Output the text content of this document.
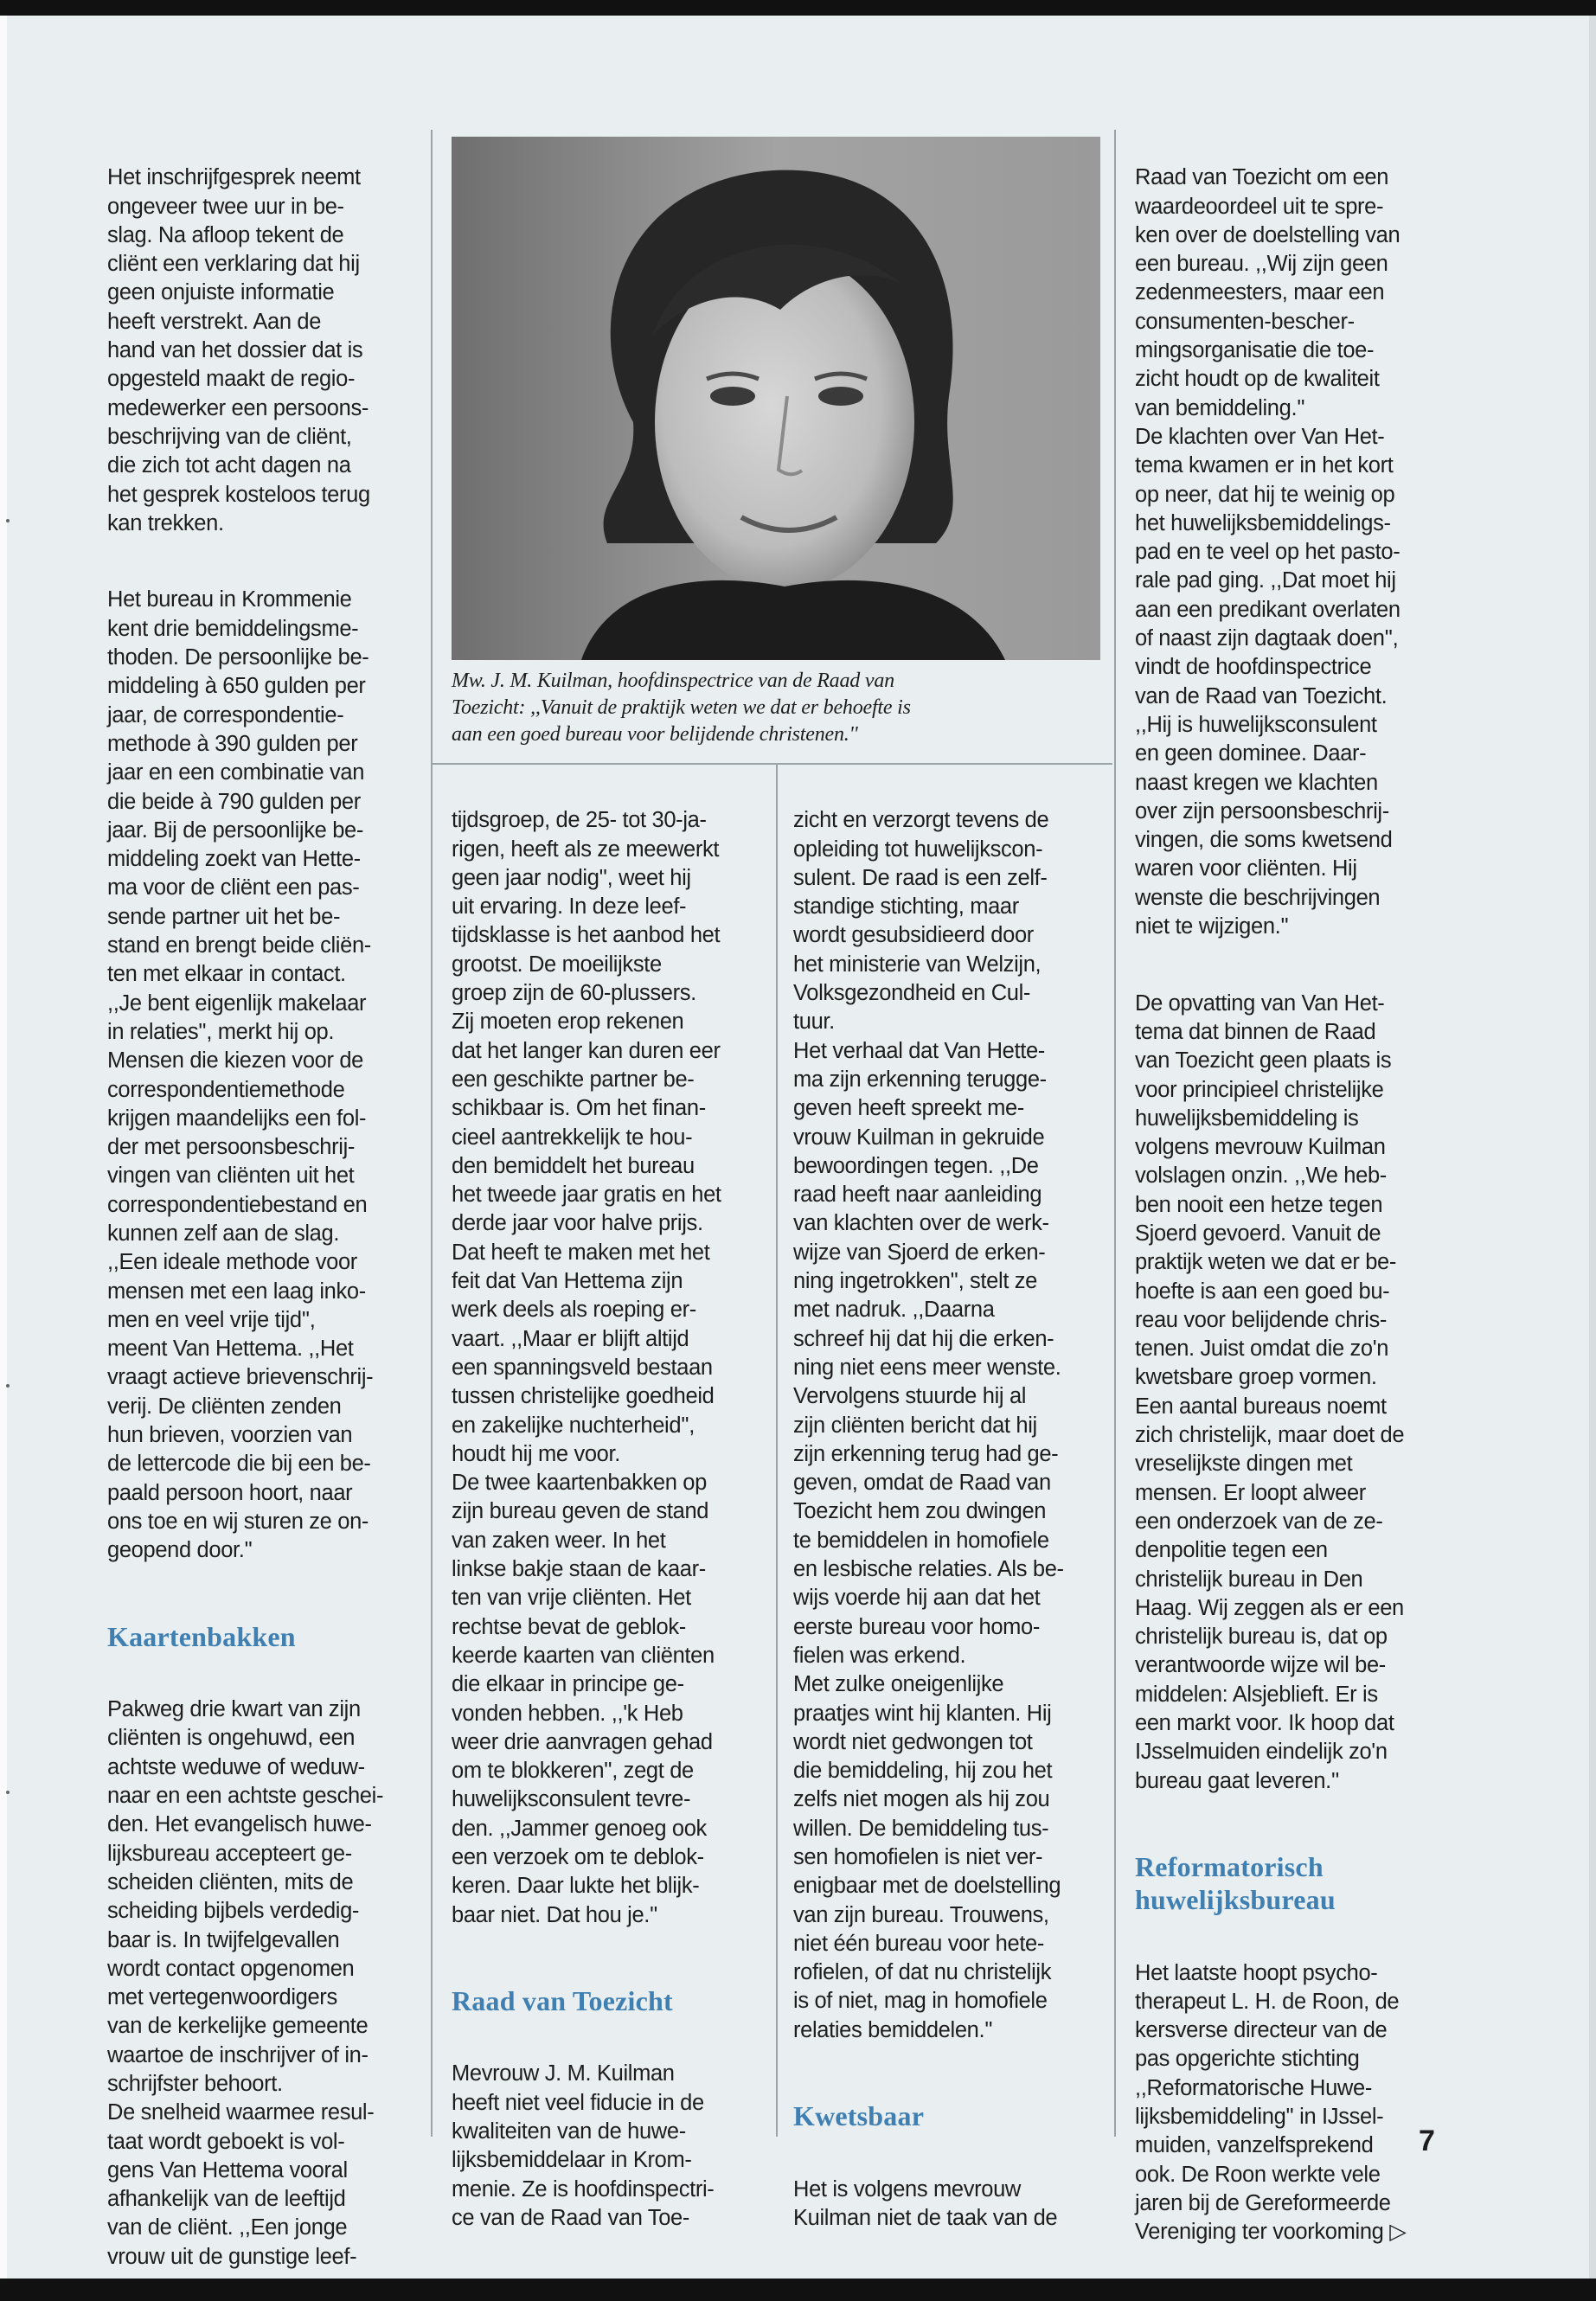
Het inschrijfgesprek neemt
ongeveer twee uur in be-
slag. Na afloop tekent de
cliënt een verklaring dat hij
geen onjuiste informatie
heeft verstrekt. Aan de
hand van het dossier dat is
opgesteld maakt de regio-
medewerker een persoons-
beschrijving van de cliënt,
die zich tot acht dagen na
het gesprek kosteloos terug
kan trekken.

Het bureau in Krommenie
kent drie bemiddelingsme-
thoden. De persoonlijke be-
middeling à 650 gulden per
jaar, de correspondentie-
methode à 390 gulden per
jaar en een combinatie van
die beide à 790 gulden per
jaar. Bij de persoonlijke be-
middeling zoekt van Hette-
ma voor de cliënt een pas-
sende partner uit het be-
stand en brengt beide cliën-
ten met elkaar in contact.
,,Je bent eigenlijk makelaar
in relaties'', merkt hij op.
Mensen die kiezen voor de
correspondentiemethode
krijgen maandelijks een fol-
der met persoonsbeschrij-
vingen van cliënten uit het
correspondentiebestand en
kunnen zelf aan de slag.
,,Een ideale methode voor
mensen met een laag inko-
men en veel vrije tijd'',
meent Van Hettema. ,,Het
vraagt actieve brievenschrij-
verij. De cliënten zenden
hun brieven, voorzien van
de lettercode die bij een be-
paald persoon hoort, naar
ons toe en wij sturen ze on-
geopend door.''

Kaartenbakken

Pakweg drie kwart van zijn
cliënten is ongehuwd, een
achtste weduwe of weduw-
naar en een achtste geschei-
den. Het evangelisch huwe-
lijksbureau accepteert ge-
scheiden cliënten, mits de
scheiding bijbels verdedig-
baar is. In twijfelgevallen
wordt contact opgenomen
met vertegenwoordigers
van de kerkelijke gemeente
waartoe de inschrijver of in-
schrijfster behoort.
De snelheid waarmee resul-
taat wordt geboekt is vol-
gens Van Hettema vooral
afhankelijk van de leeftijd
van de cliënt. ,,Een jonge
vrouw uit de gunstige leef-

Mw. J. M. Kuilman, hoofdinspectrice van de Raad van
Toezicht: ,,Vanuit de praktijk weten we dat er behoefte is
aan een goed bureau voor belijdende christenen.''

tijdsgroep, de 25- tot 30-ja-
rigen, heeft als ze meewerkt
geen jaar nodig'', weet hij
uit ervaring. In deze leef-
tijdsklasse is het aanbod het
grootst. De moeilijkste
groep zijn de 60-plussers.
Zij moeten erop rekenen
dat het langer kan duren eer
een geschikte partner be-
schikbaar is. Om het finan-
cieel aantrekkelijk te hou-
den bemiddelt het bureau
het tweede jaar gratis en het
derde jaar voor halve prijs.
Dat heeft te maken met het
feit dat Van Hettema zijn
werk deels als roeping er-
vaart. ,,Maar er blijft altijd
een spanningsveld bestaan
tussen christelijke goedheid
en zakelijke nuchterheid'',
houdt hij me voor.
De twee kaartenbakken op
zijn bureau geven de stand
van zaken weer. In het
linkse bakje staan de kaar-
ten van vrije cliënten. Het
rechtse bevat de geblok-
keerde kaarten van cliënten
die elkaar in principe ge-
vonden hebben. ,,'k Heb
weer drie aanvragen gehad
om te blokkeren'', zegt de
huwelijksconsulent tevre-
den. ,,Jammer genoeg ook
een verzoek om te deblok-
keren. Daar lukte het blijk-
baar niet. Dat hou je.''

Raad van Toezicht

Mevrouw J. M. Kuilman
heeft niet veel fiducie in de
kwaliteiten van de huwe-
lijksbemiddelaar in Krom-
menie. Ze is hoofdinspectri-
ce van de Raad van Toe-

zicht en verzorgt tevens de
opleiding tot huwelijkscon-
sulent. De raad is een zelf-
standige stichting, maar
wordt gesubsidieerd door
het ministerie van Welzijn,
Volksgezondheid en Cul-
tuur.
Het verhaal dat Van Hette-
ma zijn erkenning terugge-
geven heeft spreekt me-
vrouw Kuilman in gekruide
bewoordingen tegen. ,,De
raad heeft naar aanleiding
van klachten over de werk-
wijze van Sjoerd de erken-
ning ingetrokken'', stelt ze
met nadruk. ,,Daarna
schreef hij dat hij die erken-
ning niet eens meer wenste.
Vervolgens stuurde hij al
zijn cliënten bericht dat hij
zijn erkenning terug had ge-
geven, omdat de Raad van
Toezicht hem zou dwingen
te bemiddelen in homofiele
en lesbische relaties. Als be-
wijs voerde hij aan dat het
eerste bureau voor homo-
fielen was erkend.
Met zulke oneigenlijke
praatjes wint hij klanten. Hij
wordt niet gedwongen tot
die bemiddeling, hij zou het
zelfs niet mogen als hij zou
willen. De bemiddeling tus-
sen homofielen is niet ver-
enigbaar met de doelstelling
van zijn bureau. Trouwens,
niet één bureau voor hete-
rofielen, of dat nu christelijk
is of niet, mag in homofiele
relaties bemiddelen.''

Kwetsbaar

Het is volgens mevrouw
Kuilman niet de taak van de

Raad van Toezicht om een
waardeoordeel uit te spre-
ken over de doelstelling van
een bureau. ,,Wij zijn geen
zedenmeesters, maar een
consumenten-bescher-
mingsorganisatie die toe-
zicht houdt op de kwaliteit
van bemiddeling.''
De klachten over Van Het-
tema kwamen er in het kort
op neer, dat hij te weinig op
het huwelijksbemiddelings-
pad en te veel op het pasto-
rale pad ging. ,,Dat moet hij
aan een predikant overlaten
of naast zijn dagtaak doen'',
vindt de hoofdinspectrice
van de Raad van Toezicht.
,,Hij is huwelijksconsulent
en geen dominee. Daar-
naast kregen we klachten
over zijn persoonsbeschrij-
vingen, die soms kwetsend
waren voor cliënten. Hij
wenste die beschrijvingen
niet te wijzigen.''

De opvatting van Van Het-
tema dat binnen de Raad
van Toezicht geen plaats is
voor principieel christelijke
huwelijksbemiddeling is
volgens mevrouw Kuilman
volslagen onzin. ,,We heb-
ben nooit een hetze tegen
Sjoerd gevoerd. Vanuit de
praktijk weten we dat er be-
hoefte is aan een goed bu-
reau voor belijdende chris-
tenen. Juist omdat die zo'n
kwetsbare groep vormen.
Een aantal bureaus noemt
zich christelijk, maar doet de
vreselijkste dingen met
mensen. Er loopt alweer
een onderzoek van de ze-
denpolitie tegen een
christelijk bureau in Den
Haag. Wij zeggen als er een
christelijk bureau is, dat op
verantwoorde wijze wil be-
middelen: Alsjeblieft. Er is
een markt voor. Ik hoop dat
IJsselmuiden eindelijk zo'n
bureau gaat leveren.''

Reformatorisch
huwelijksbureau

Het laatste hoopt psycho-
therapeut L. H. de Roon, de
kersverse directeur van de
pas opgerichte stichting
,,Reformatorische Huwe-
lijksbemiddeling'' in IJssel-
muiden, vanzelfsprekend
ook. De Roon werkte vele
jaren bij de Gereformeerde
Vereniging ter voorkoming ▷

7
